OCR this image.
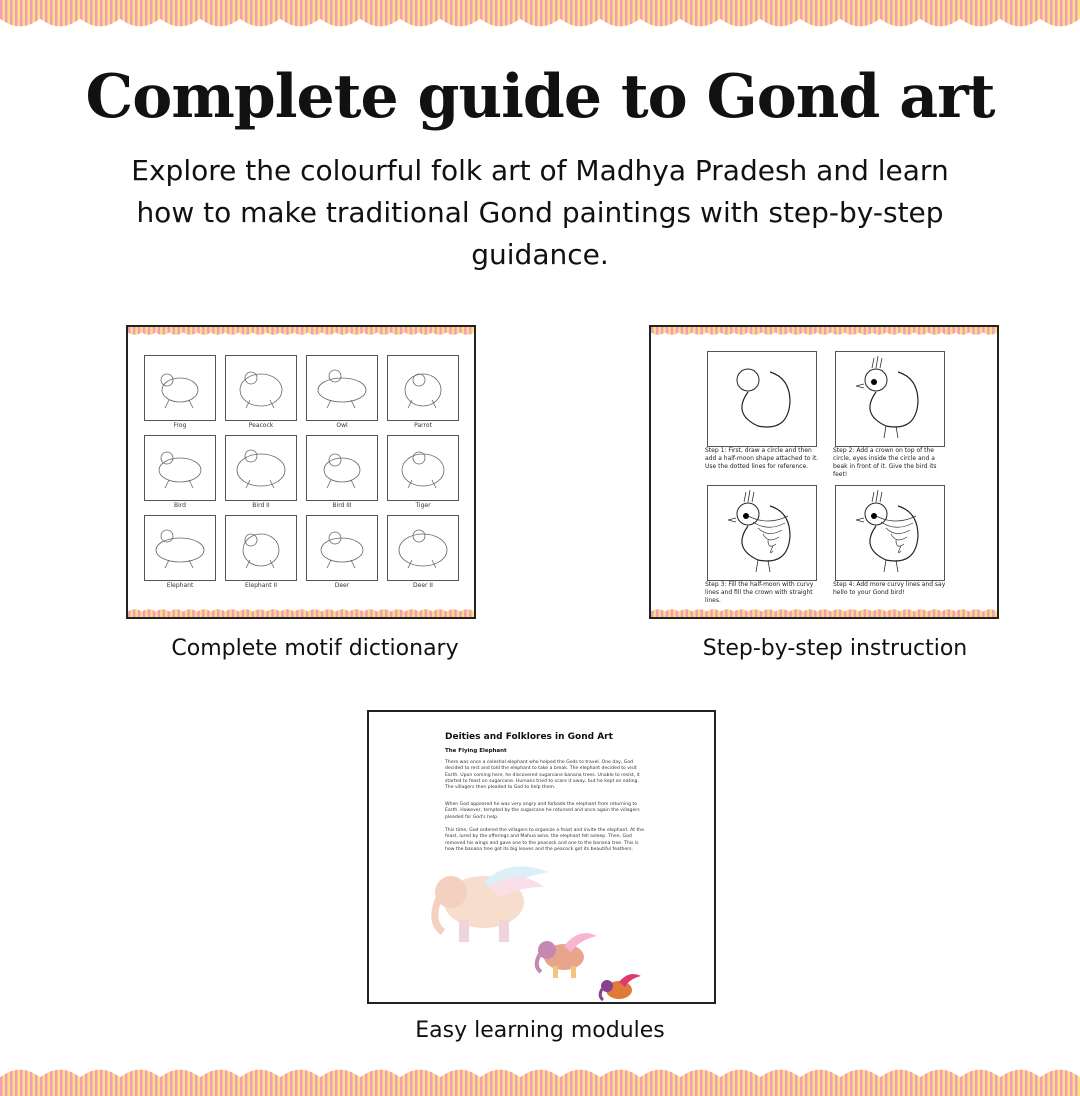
Complete guide to Gond art

Explore the colourful folk art of Madhya Pradesh and learn how to make traditional Gond paintings with step-by-step guidance.

Frog	Peacock	Owl	Parrot
Bird	Bird II	Bird III	Tiger
Elephant	Elephant II	Deer	Deer II

Complete motif dictionary

Step 1: First, draw a circle and then add a half-moon shape attached to it. Use the dotted lines for reference.

Step 2: Add a crown on top of the circle, eyes inside the circle and a beak in front of it. Give the bird its feet!

Step 3: Fill the half-moon with curvy lines and fill the crown with straight lines.

Step 4: Add more curvy lines and say hello to your Gond bird!

Step-by-step instruction

Deities and Folklores in Gond Art

The Flying Elephant

There was once a celestial elephant who helped the Gods to travel. One day, God decided to rest and told the elephant to take a break. The elephant decided to visit Earth. Upon coming here, he discovered sugarcane banana trees. Unable to resist, it started to feast on sugarcane. Humans tried to scare it away, but he kept on eating. The villagers then pleaded to God to help them.

When God appeared he was very angry and forbade the elephant from returning to Earth. However, tempted by the sugarcane he returned and once again the villagers pleaded for God's help.

This time, God ordered the villagers to organize a feast and invite the elephant. At the feast, lured by the offerings and Mahua wine, the elephant fell asleep. Then, God removed his wings and gave one to the peacock and one to the banana tree. This is how the banana tree got its big leaves and the peacock got its beautiful feathers.

Easy learning modules
